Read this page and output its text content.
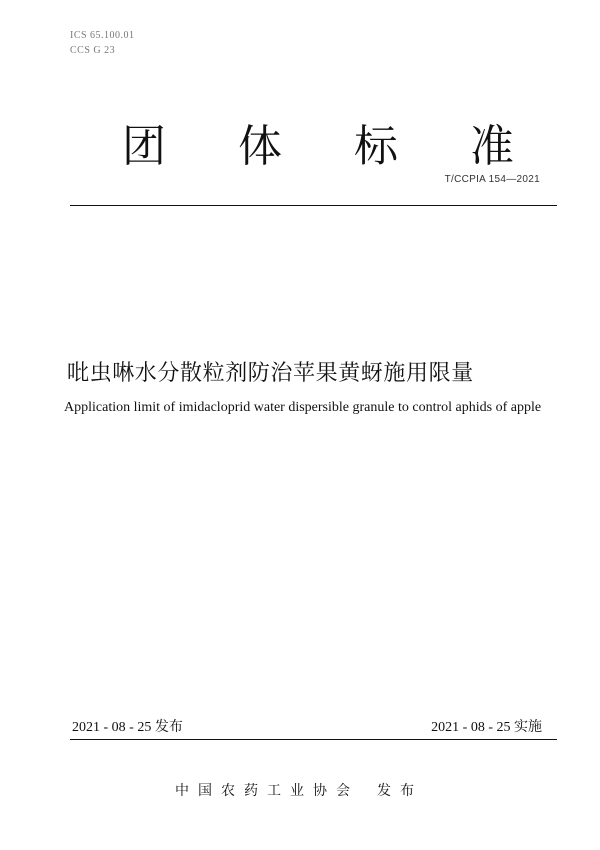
ICS 65.100.01
CCS G 23
团 体 标 准
T/CCPIA 154—2021
吡虫啉水分散粒剂防治苹果黄蚜施用限量
Application limit of imidacloprid water dispersible granule to control aphids of apple
2021 - 08 - 25 发布	2021 - 08 - 25 实施
中国农药工业协会 发布
